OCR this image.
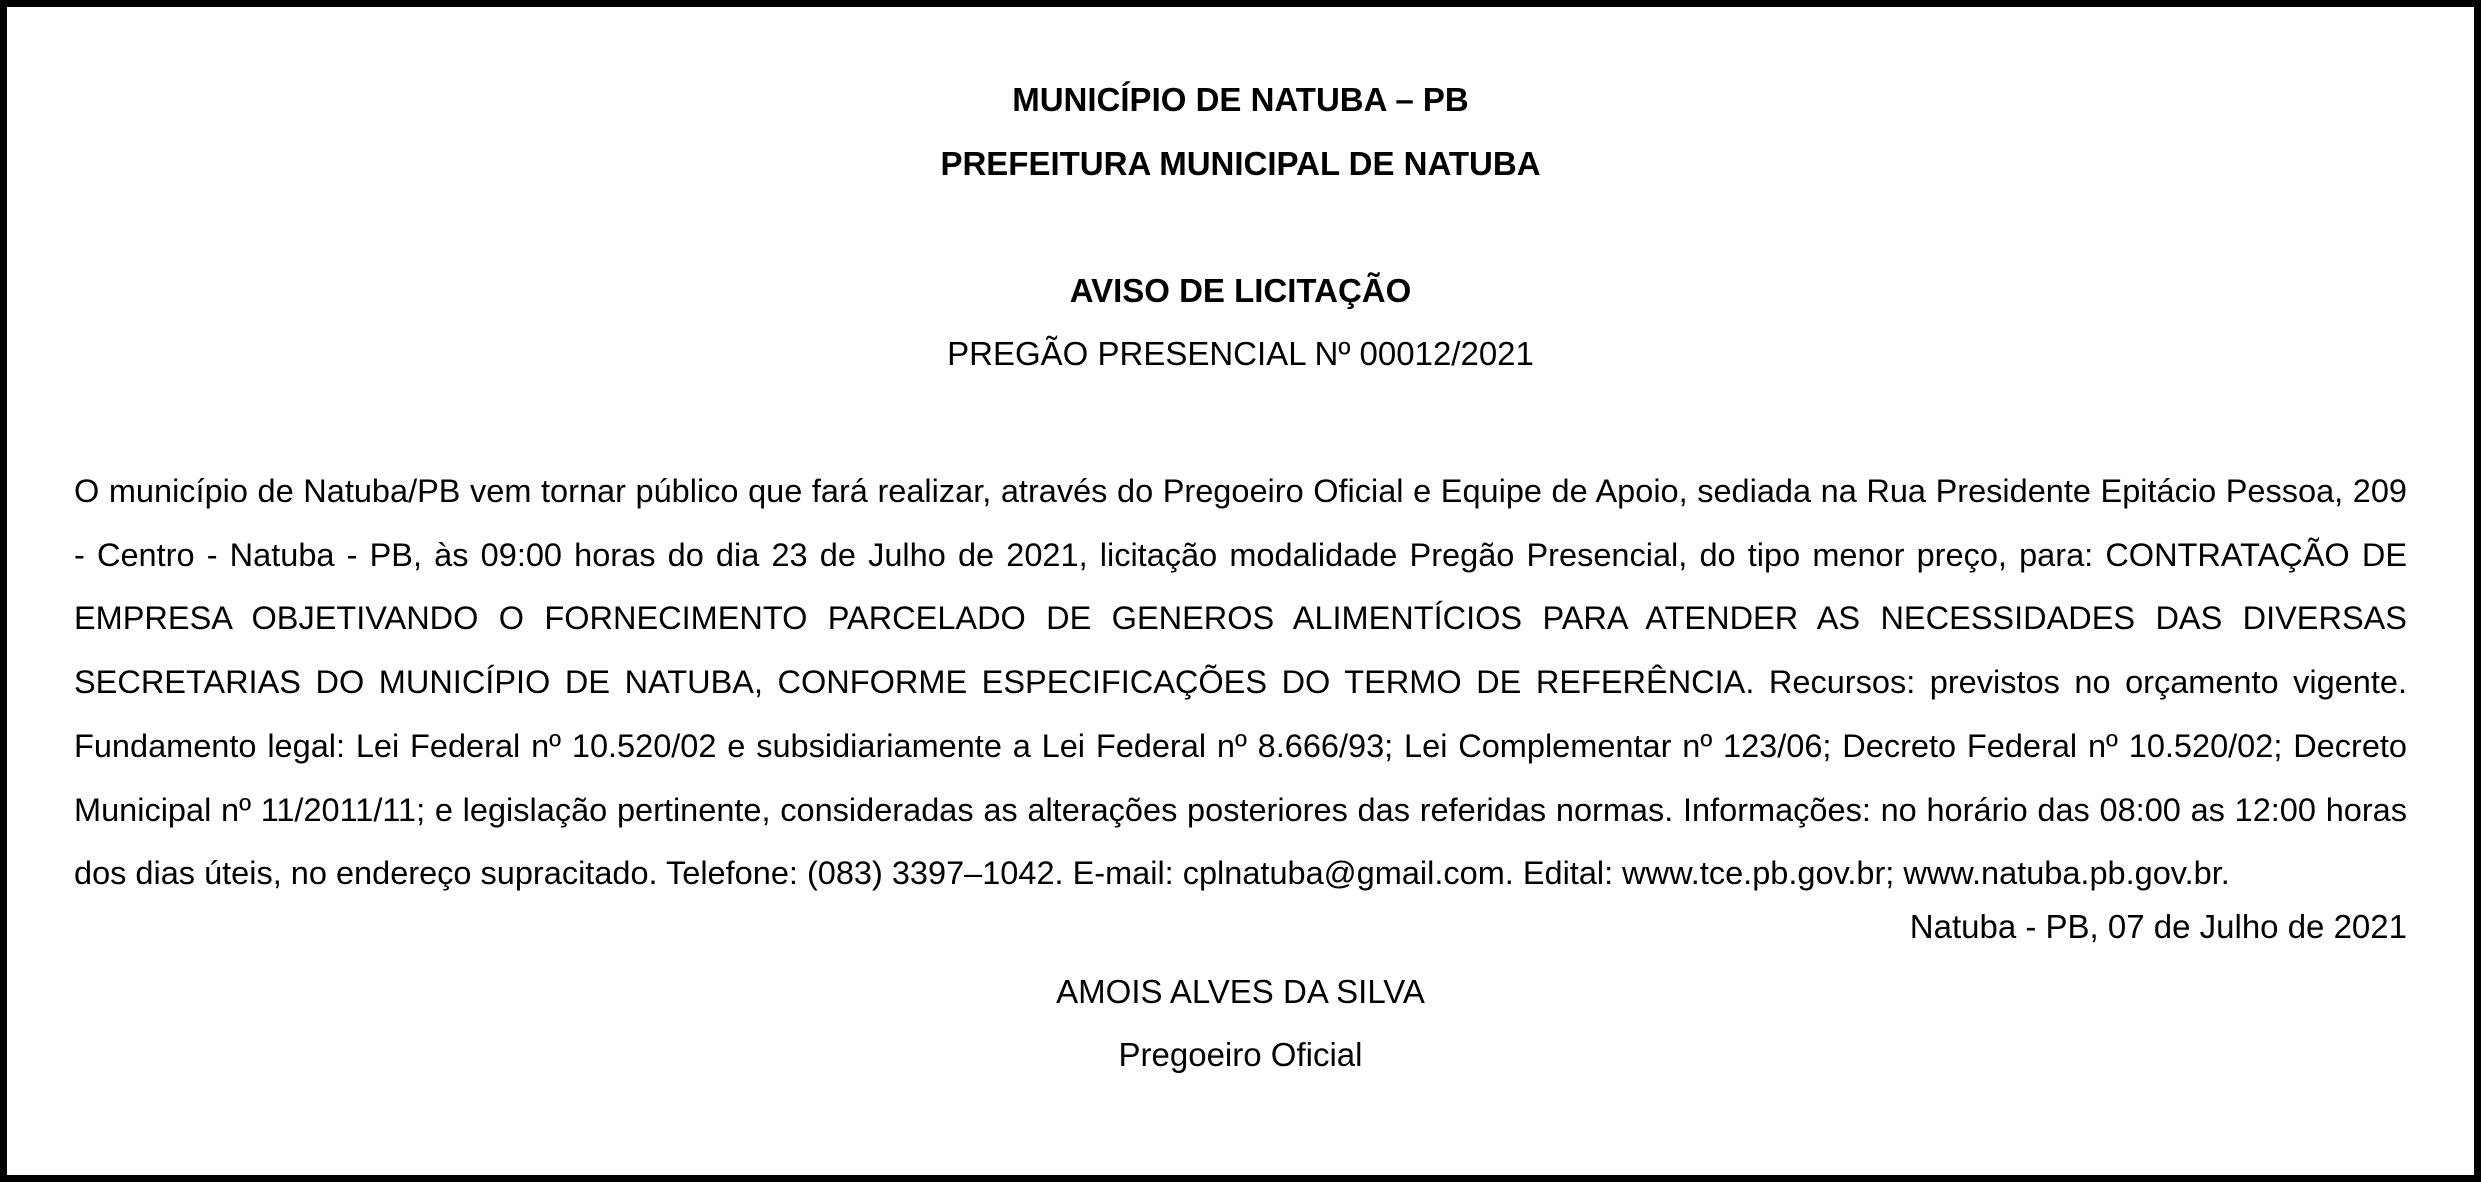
MUNICÍPIO DE NATUBA – PB
PREFEITURA MUNICIPAL DE NATUBA
AVISO DE LICITAÇÃO
PREGÃO PRESENCIAL Nº 00012/2021
O município de Natuba/PB vem tornar público que fará realizar, através do Pregoeiro Oficial e Equipe de Apoio, sediada na Rua Presidente Epitácio Pessoa, 209 - Centro - Natuba - PB, às 09:00 horas do dia 23 de Julho de 2021, licitação modalidade Pregão Presencial, do tipo menor preço, para: CONTRATAÇÃO DE EMPRESA OBJETIVANDO O FORNECIMENTO PARCELADO DE GENEROS ALIMENTÍCIOS PARA ATENDER AS NECESSIDADES DAS DIVERSAS SECRETARIAS DO MUNICÍPIO DE NATUBA, CONFORME ESPECIFICAÇÕES DO TERMO DE REFERÊNCIA. Recursos: previstos no orçamento vigente. Fundamento legal: Lei Federal nº 10.520/02 e subsidiariamente a Lei Federal nº 8.666/93; Lei Complementar nº 123/06; Decreto Federal nº 10.520/02; Decreto Municipal nº 11/2011/11; e legislação pertinente, consideradas as alterações posteriores das referidas normas. Informações: no horário das 08:00 as 12:00 horas dos dias úteis, no endereço supracitado. Telefone: (083) 3397–1042. E-mail: cplnatuba@gmail.com. Edital: www.tce.pb.gov.br; www.natuba.pb.gov.br.
Natuba - PB, 07 de Julho de 2021
AMOIS ALVES DA SILVA
Pregoeiro Oficial
